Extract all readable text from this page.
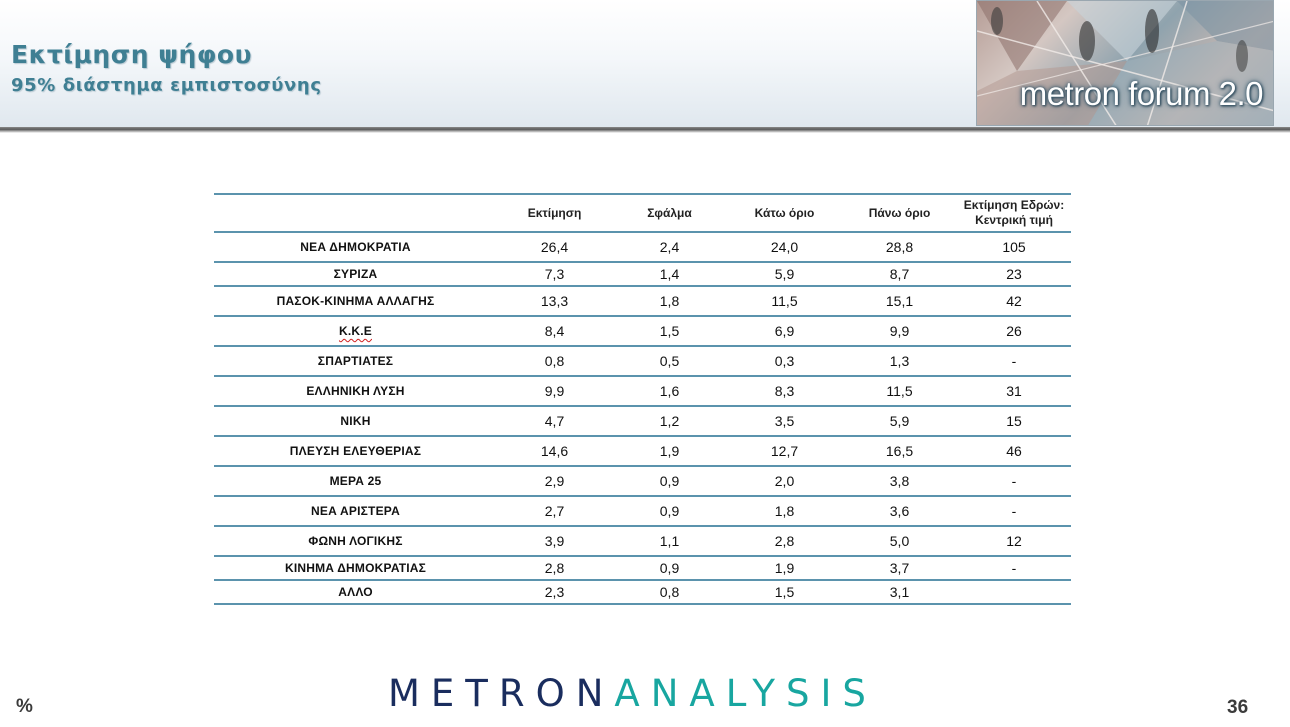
Εκτίμηση ψήφου
95% διάστημα εμπιστοσύνης	metron forum 2.0
	Εκτίμηση	Σφάλμα	Κάτω όριο	Πάνω όριο	Εκτίμηση Εδρών:
Κεντρική τιμή
ΝΕΑ ΔΗΜΟΚΡΑΤΙΑ	26,4	2,4	24,0	28,8	105
ΣΥΡΙΖΑ	7,3	1,4	5,9	8,7	23
ΠΑΣΟΚ-ΚΙΝΗΜΑ ΑΛΛΑΓΗΣ	13,3	1,8	11,5	15,1	42
Κ.Κ.Ε	8,4	1,5	6,9	9,9	26
ΣΠΑΡΤΙΑΤΕΣ	0,8	0,5	0,3	1,3	-
ΕΛΛΗΝΙΚΗ ΛΥΣΗ	9,9	1,6	8,3	11,5	31
ΝΙΚΗ	4,7	1,2	3,5	5,9	15
ΠΛΕΥΣΗ ΕΛΕΥΘΕΡΙΑΣ	14,6	1,9	12,7	16,5	46
ΜΕΡΑ 25	2,9	0,9	2,0	3,8	-
ΝΕΑ ΑΡΙΣΤΕΡΑ	2,7	0,9	1,8	3,6	-
ΦΩΝΗ ΛΟΓΙΚΗΣ	3,9	1,1	2,8	5,0	12
ΚΙΝΗΜΑ ΔΗΜΟΚΡΑΤΙΑΣ	2,8	0,9	1,9	3,7	-
ΑΛΛΟ	2,3	0,8	1,5	3,1	
METRONANALYSIS
%	36
